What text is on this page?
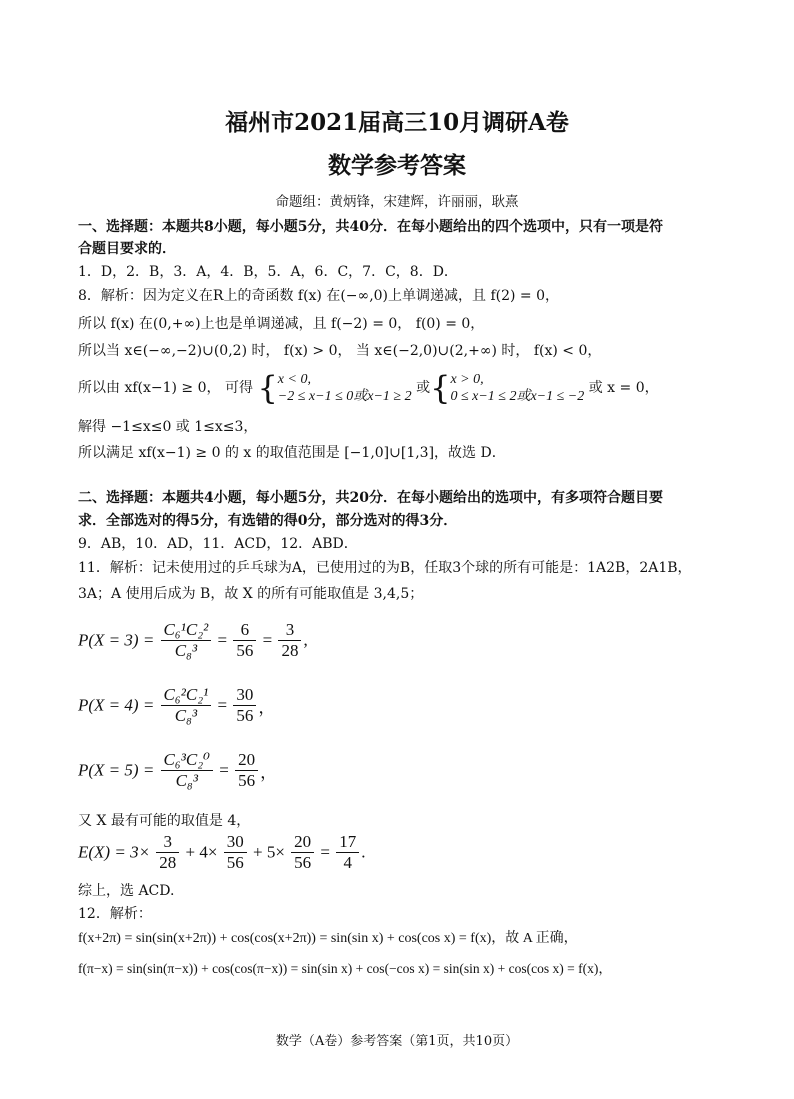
福州市2021届高三10月调研A卷
数学参考答案
命题组：黄炳锋，宋建辉，许丽丽，耿熹
一、选择题：本题共8小题，每小题5分，共40分．在每小题给出的四个选项中，只有一项是符
合题目要求的．
1．D，2．B，3．A，4．B，5．A，6．C，7．C，8．D．
8．解析：因为定义在R上的奇函数 f(x) 在(−∞,0)上单调递减，且 f(2) = 0，
所以 f(x) 在(0,+∞)上也是单调递减，且 f(−2) = 0， f(0) = 0，
所以当 x∈(−∞,−2)∪(0,2) 时， f(x) > 0， 当 x∈(−2,0)∪(2,+∞) 时， f(x) < 0，
所以由 xf(x−1) ≥ 0， 可得 { x < 0,
−2 ≤ x−1 ≤ 0或x−1 ≥ 2
或{ x > 0,
0 ≤ x−1 ≤ 2或x−1 ≤ −2
或 x = 0，
解得 −1≤x≤0 或 1≤x≤3，
所以满足 xf(x−1) ≥ 0 的 x 的取值范围是 [−1,0]∪[1,3]，故选 D．
二、选择题：本题共4小题，每小题5分，共20分．在每小题给出的选项中，有多项符合题目要
求．全部选对的得5分，有选错的得0分，部分选对的得3分．
9．AB，10．AD，11．ACD，12．ABD．
11．解析：记未使用过的乒乓球为A，已使用过的为B，任取3个球的所有可能是：1A2B，2A1B，
3A；A 使用后成为 B，故 X 的所有可能取值是 3,4,5；
$P(X = 3) = \frac{\text{C₆¹C₂²}}{\text{C₈³}} = \frac{6}{56} = \frac{3}{28}$ ,
$P(X = 4) = \frac{\text{C₆²C₂¹}}{\text{C₈³}} = \frac{30}{56}$ ，
$P(X = 5) = \frac{\text{C₆³C₂⁰}}{\text{C₈³}} = \frac{20}{56}$ ，
又 X 最有可能的取值是 4，
$E(X) = 3\times \frac{3}{28} + 4\times \frac{30}{56} + 5\times \frac{20}{56} = \frac{17}{4}$ .
综上，选 ACD.
12．解析：
f(x+2π) = sin(sin(x+2π)) + cos(cos(x+2π)) = sin(sin x) + cos(cos x) = f(x)，故 A 正确，
f(π−x) = sin(sin(π−x)) + cos(cos(π−x)) = sin(sin x) + cos(−cos x) = sin(sin x) + cos(cos x) = f(x)，
数学（A卷）参考答案（第1页，共10页）
